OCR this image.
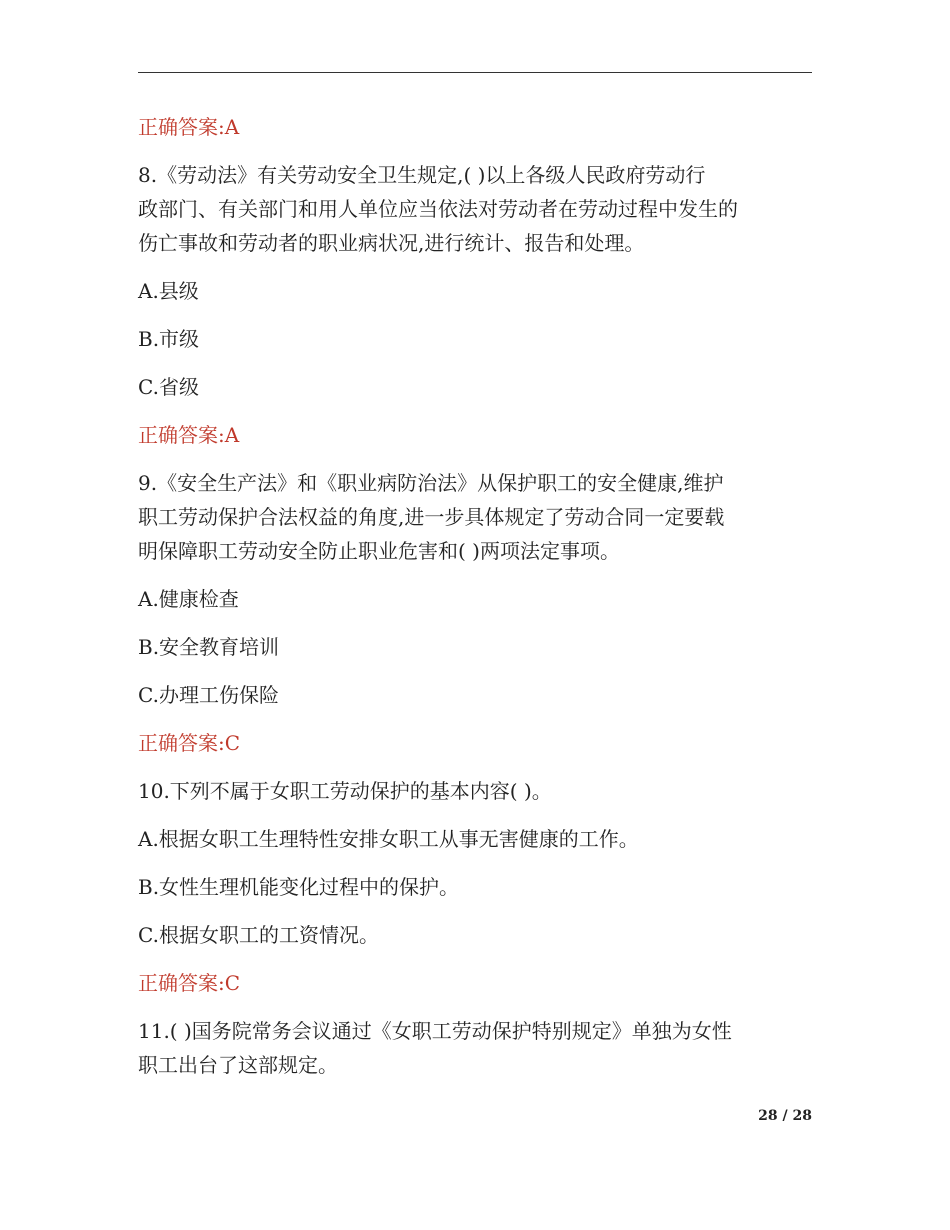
正确答案:A

8.《劳动法》有关劳动安全卫生规定,( )以上各级人民政府劳动行
政部门、有关部门和用人单位应当依法对劳动者在劳动过程中发生的
伤亡事故和劳动者的职业病状况,进行统计、报告和处理。

A.县级

B.市级

C.省级

正确答案:A

9.《安全生产法》和《职业病防治法》从保护职工的安全健康,维护
职工劳动保护合法权益的角度,进一步具体规定了劳动合同一定要载
明保障职工劳动安全防止职业危害和( )两项法定事项。

A.健康检查

B.安全教育培训

C.办理工伤保险

正确答案:C

10.下列不属于女职工劳动保护的基本内容( )。

A.根据女职工生理特性安排女职工从事无害健康的工作。

B.女性生理机能变化过程中的保护。

C.根据女职工的工资情况。

正确答案:C

11.( )国务院常务会议通过《女职工劳动保护特别规定》单独为女性
职工出台了这部规定。
28 / 28
